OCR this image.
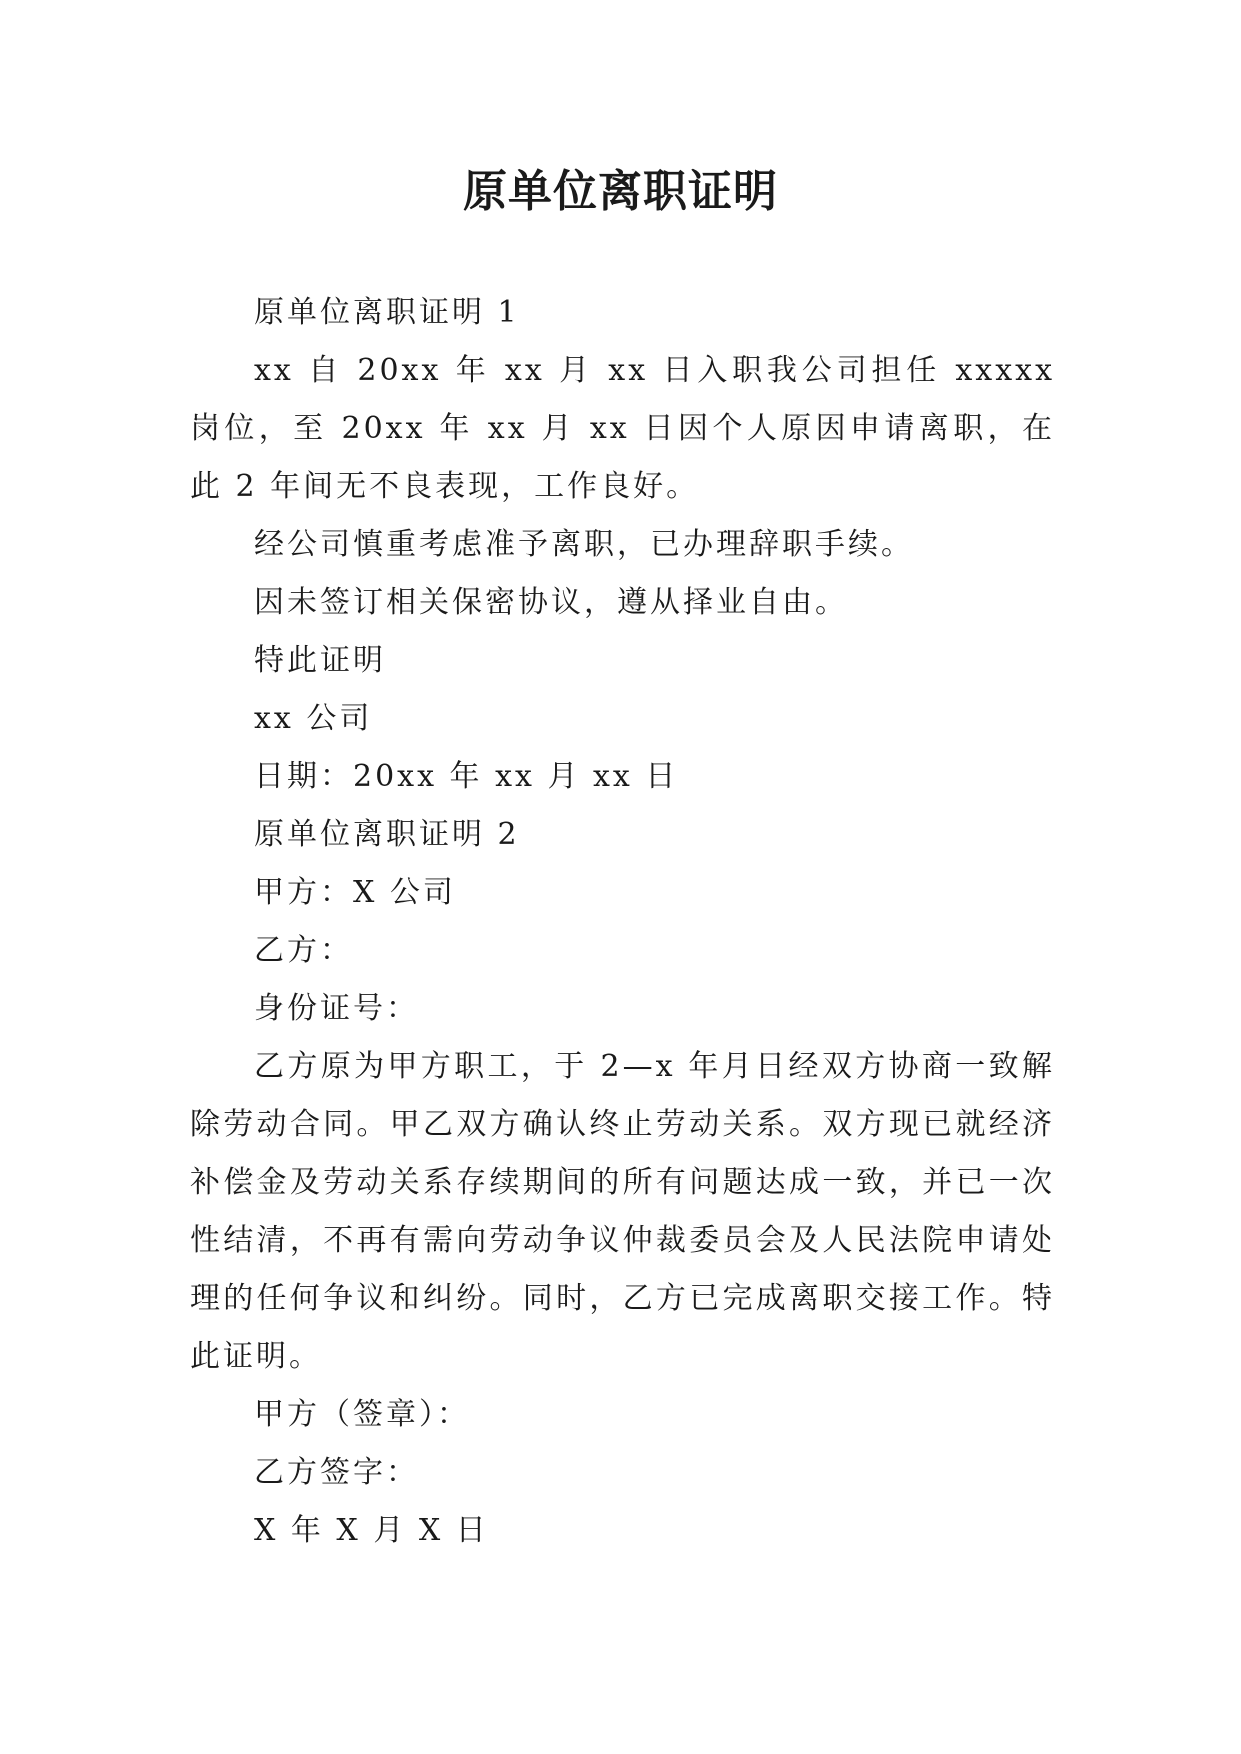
原单位离职证明

原单位离职证明 1

xx 自 20xx 年 xx 月 xx 日入职我公司担任 xxxxx 岗位，至 20xx 年 xx 月 xx 日因个人原因申请离职，在此 2 年间无不良表现，工作良好。

经公司慎重考虑准予离职，已办理辞职手续。

因未签订相关保密协议，遵从择业自由。

特此证明

xx 公司

日期：20xx 年 xx 月 xx 日

原单位离职证明 2

甲方：X 公司

乙方：

身份证号：

乙方原为甲方职工，于 2—x 年月日经双方协商一致解除劳动合同。甲乙双方确认终止劳动关系。双方现已就经济补偿金及劳动关系存续期间的所有问题达成一致，并已一次性结清，不再有需向劳动争议仲裁委员会及人民法院申请处理的任何争议和纠纷。同时，乙方已完成离职交接工作。特此证明。

甲方（签章）：

乙方签字：

X 年 X 月 X 日
